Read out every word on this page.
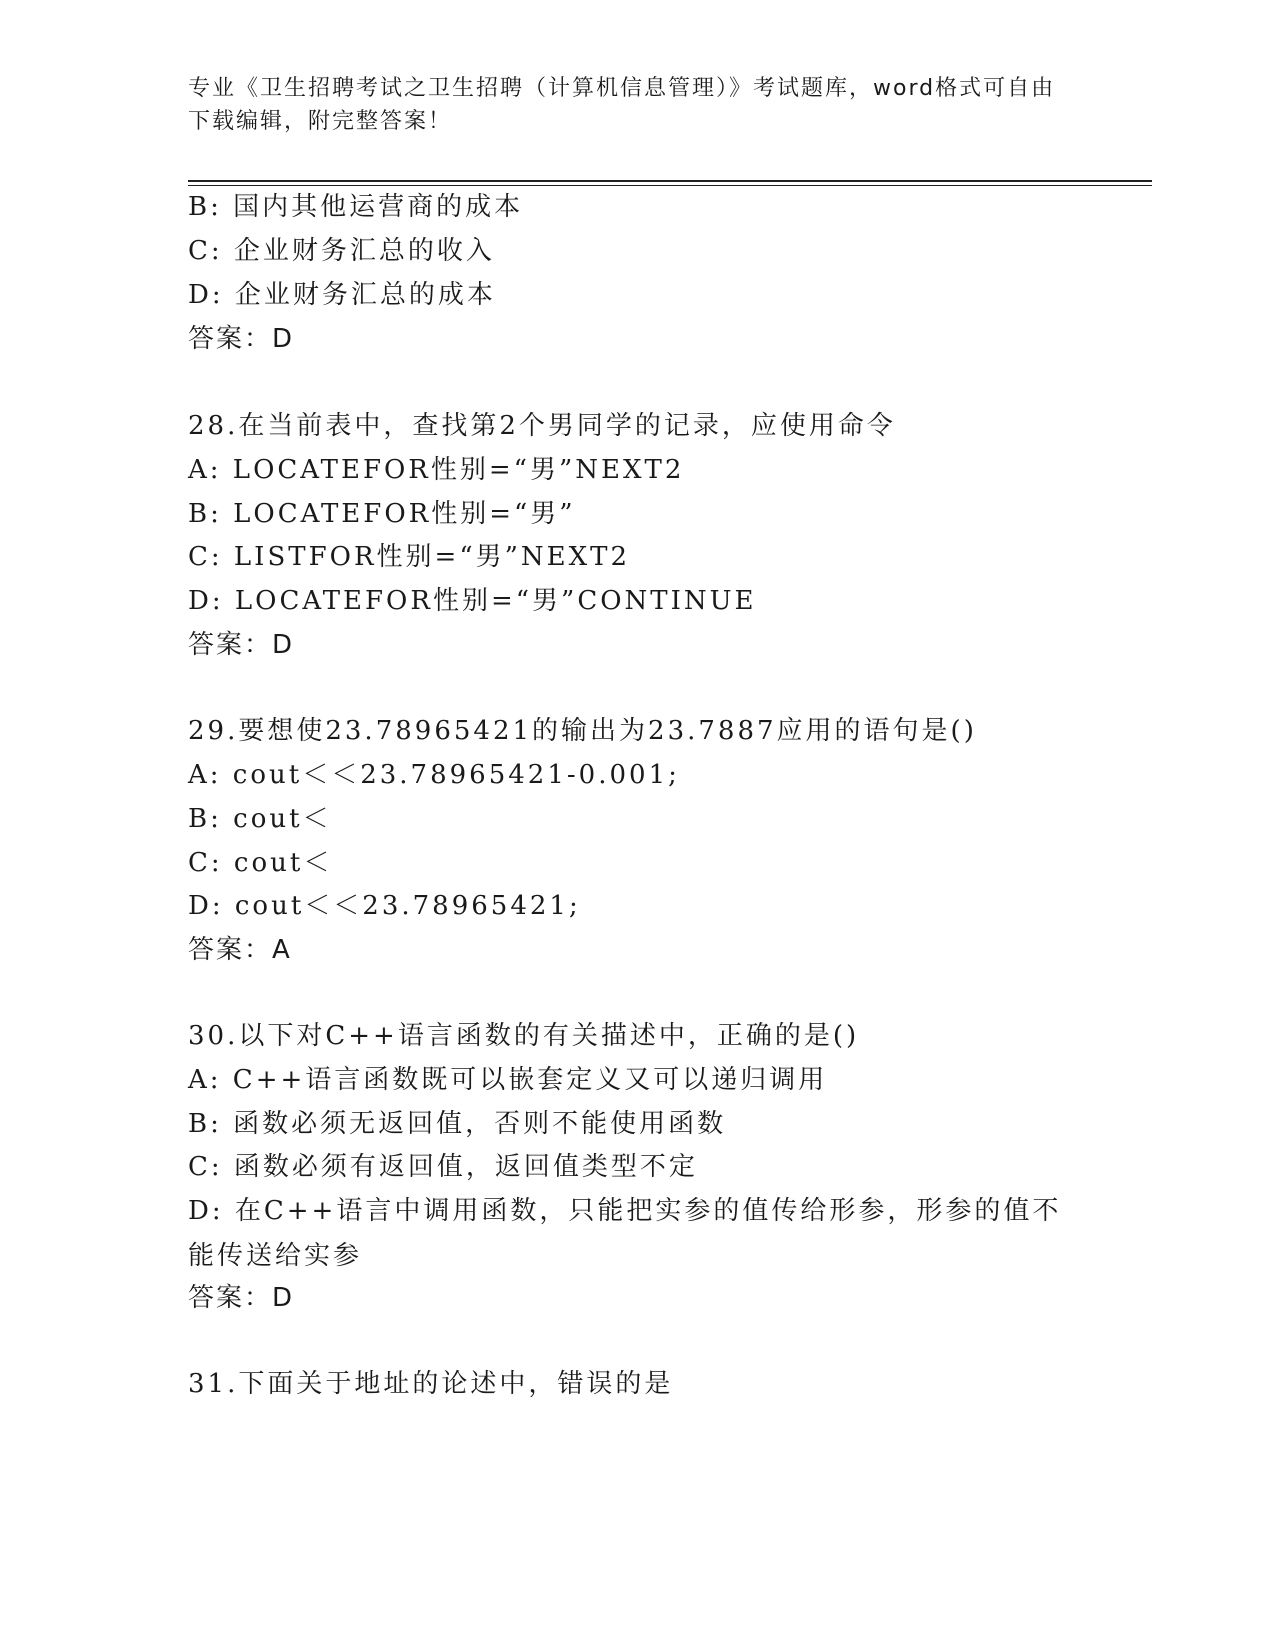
专业《卫生招聘考试之卫生招聘（计算机信息管理）》考试题库，word格式可自由下载编辑，附完整答案！
B: 国内其他运营商的成本
C: 企业财务汇总的收入
D: 企业财务汇总的成本
答案：D
28.在当前表中，查找第2个男同学的记录，应使用命令
A: LOCATEFOR性别=“男”NEXT2
B: LOCATEFOR性别=“男”
C: LISTFOR性别=“男”NEXT2
D: LOCATEFOR性别=“男”CONTINUE
答案：D
29.要想使23.78965421的输出为23.7887应用的语句是()
A: cout＜＜23.78965421-0.001;
B: cout＜
C: cout＜
D: cout＜＜23.78965421;
答案：A
30.以下对C++语言函数的有关描述中，正确的是()
A: C++语言函数既可以嵌套定义又可以递归调用
B: 函数必须无返回值，否则不能使用函数
C: 函数必须有返回值，返回值类型不定
D: 在C++语言中调用函数，只能把实参的值传给形参，形参的值不能传送给实参
答案：D
31.下面关于地址的论述中，错误的是
